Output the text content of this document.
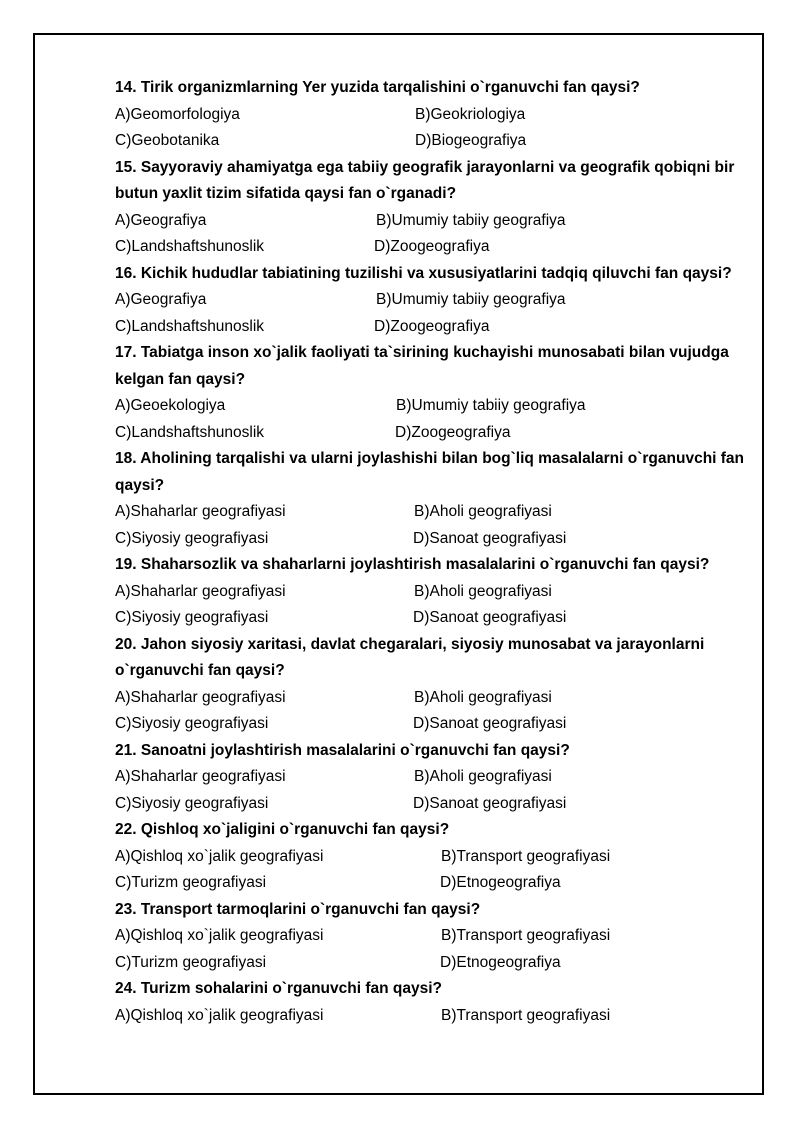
14. Tirik organizmlarning Yer yuzida tarqalishini o`rganuvchi fan qaysi?

A)Geomorfologiya	B)Geokriologiya
C)Geobotanika	D)Biogeografiya

15. Sayyoraviy ahamiyatga ega tabiiy geografik jarayonlarni va geografik qobiqni bir butun yaxlit tizim sifatida qaysi fan o`rganadi?

A)Geografiya	B)Umumiy tabiiy geografiya
C)Landshaftshunoslik	D)Zoogeografiya

16. Kichik hududlar tabiatining tuzilishi va xususiyatlarini tadqiq qiluvchi fan qaysi?

A)Geografiya	B)Umumiy tabiiy geografiya
C)Landshaftshunoslik	D)Zoogeografiya

17. Tabiatga inson xo`jalik faoliyati ta`sirining kuchayishi munosabati bilan vujudga kelgan fan qaysi?

A)Geoekologiya	B)Umumiy tabiiy geografiya
C)Landshaftshunoslik	D)Zoogeografiya

18. Aholining tarqalishi va ularni joylashishi bilan bog`liq masalalarni o`rganuvchi fan qaysi?

A)Shaharlar geografiyasi	B)Aholi geografiyasi
C)Siyosiy geografiyasi	D)Sanoat geografiyasi

19. Shaharsozlik va shaharlarni joylashtirish masalalarini o`rganuvchi fan qaysi?

A)Shaharlar geografiyasi	B)Aholi geografiyasi
C)Siyosiy geografiyasi	D)Sanoat geografiyasi

20. Jahon siyosiy xaritasi, davlat chegaralari, siyosiy munosabat va jarayonlarni o`rganuvchi fan qaysi?

A)Shaharlar geografiyasi	B)Aholi geografiyasi
C)Siyosiy geografiyasi	D)Sanoat geografiyasi

21. Sanoatni joylashtirish masalalarini o`rganuvchi fan qaysi?

A)Shaharlar geografiyasi	B)Aholi geografiyasi
C)Siyosiy geografiyasi	D)Sanoat geografiyasi

22. Qishloq xo`jaligini o`rganuvchi fan qaysi?

A)Qishloq xo`jalik geografiyasi	B)Transport geografiyasi
C)Turizm geografiyasi	D)Etnogeografiya

23. Transport tarmoqlarini o`rganuvchi fan qaysi?

A)Qishloq xo`jalik geografiyasi	B)Transport geografiyasi
C)Turizm geografiyasi	D)Etnogeografiya

24. Turizm sohalarini o`rganuvchi fan qaysi?

A)Qishloq xo`jalik geografiyasi	B)Transport geografiyasi
